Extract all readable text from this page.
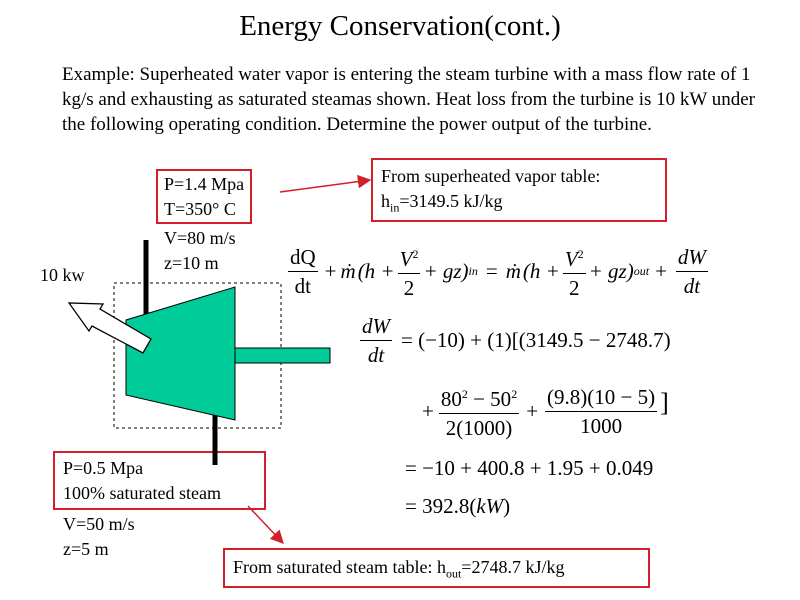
Energy Conservation(cont.)
Example: Superheated water vapor is entering the steam turbine with a mass flow rate of 1 kg/s and exhausting as saturated steamas shown. Heat loss from the turbine is 10 kW under the following operating condition. Determine the power output of the turbine.
P=1.4 Mpa
T=350° C
V=80 m/s
z=10 m
10 kw
From superheated vapor table:
$h_{in}=3149.5$ kJ/kg
P=0.5 Mpa
100% saturated steam
V=50 m/s
z=5 m
From saturated steam table: $h_{out}=2748.7$ kJ/kg
$\frac{dQ}{dt}$ + ṁ $(h + \frac{V^2}{2} + gz)$ in = ṁ $(h + \frac{V^2}{2} + gz)$ out + $\frac{dW}{dt}$
$\frac{dW}{dt} = (-10) + (1)[(3149.5 - 2748.7)$
+ $\frac{80^2 - 50^2}{2(1000)} + \frac{(9.8)(10 - 5)}{1000}$ ]
= −10 + 400.8 + 1.95 + 0.049
= 392.8(kW)
